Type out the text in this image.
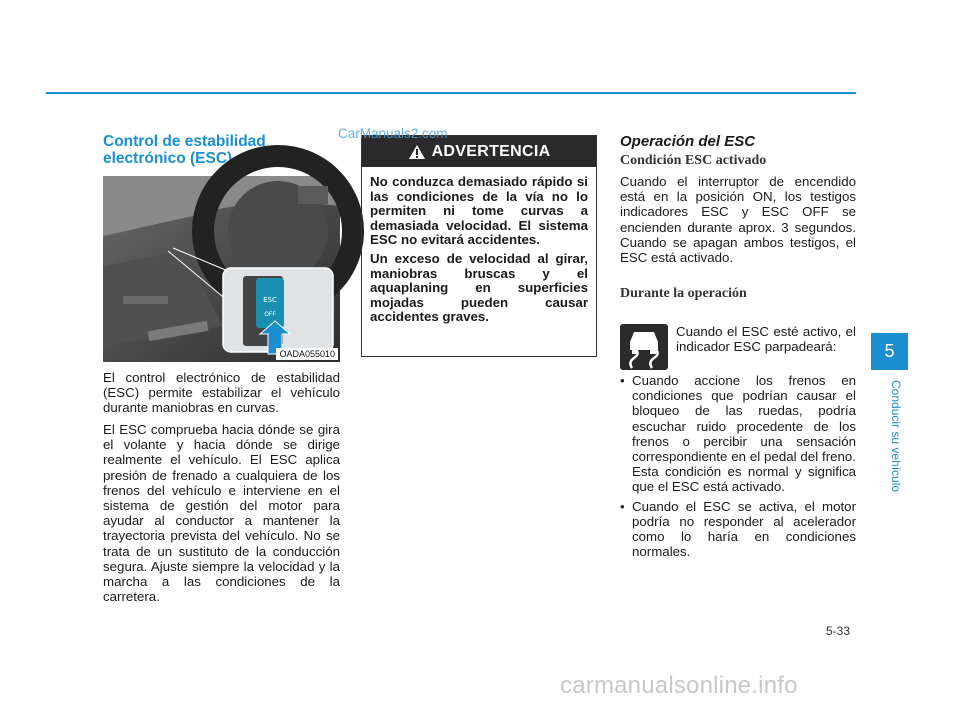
Control de estabilidad
electrónico (ESC)
ESC
OFF
OADA055010

El control electrónico de estabilidad (ESC) permite estabilizar el vehículo durante maniobras en curvas.

El ESC comprueba hacia dónde se gira el volante y hacia dónde se dirige realmente el vehículo. El ESC aplica presión de frenado a cualquiera de los frenos del vehículo e interviene en el sistema de gestión del motor para ayudar al conductor a mantener la trayectoria prevista del vehículo. No se trata de un sustituto de la conducción segura. Ajuste siempre la velocidad y la marcha a las condiciones de la carretera.

ADVERTENCIA

No conduzca demasiado rápido si las condiciones de la vía no lo permiten ni tome curvas a demasiada velocidad. El sistema ESC no evitará accidentes.

Un exceso de velocidad al girar, maniobras bruscas y el aquaplaning en superficies mojadas pueden causar accidentes graves.

CarManuals2.com	Operación del ESC

Condición ESC activado

Cuando el interruptor de encendido está en la posición ON, los testigos indicadores ESC y ESC OFF se encienden durante aprox. 3 segundos. Cuando se apagan ambos testigos, el ESC está activado.

Durante la operación

Cuando el ESC esté activo, el indicador ESC parpadeará:

• Cuando accione los frenos en condiciones que podrían causar el bloqueo de las ruedas, podría escuchar ruido procedente de los frenos o percibir una sensación correspondiente en el pedal del freno. Esta condición es normal y significa que el ESC está activado.
• Cuando el ESC se activa, el motor podría no responder al acelerador como lo haría en condiciones normales.
5
Conducir su vehículo
5-33
carmanualsonline.info
